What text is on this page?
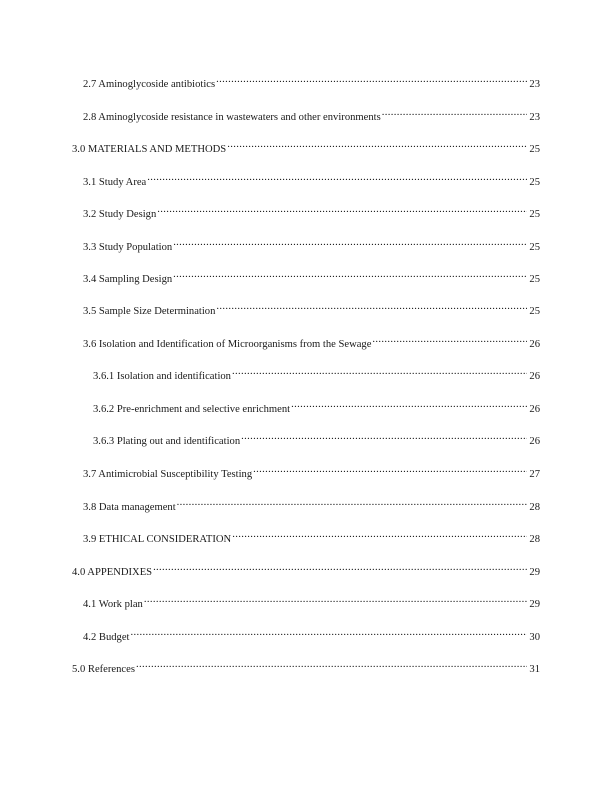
2.7 Aminoglycoside antibiotics .....	23
2.8 Aminoglycoside resistance in wastewaters and other environments .....	23
3.0 MATERIALS AND METHODS .....	25
3.1 Study Area .....	25
3.2 Study Design .....	25
3.3 Study Population .....	25
3.4 Sampling Design .....	25
3.5 Sample Size Determination .....	25
3.6 Isolation and Identification of Microorganisms from the Sewage .....	26
3.6.1 Isolation and identification .....	26
3.6.2 Pre-enrichment and selective enrichment .....	26
3.6.3 Plating out and identification .....	26
3.7 Antimicrobial Susceptibility Testing .....	27
3.8 Data management .....	28
3.9 ETHICAL CONSIDERATION .....	28
4.0 APPENDIXES .....	29
4.1 Work plan .....	29
4.2 Budget .....	30
5.0 References .....	31
